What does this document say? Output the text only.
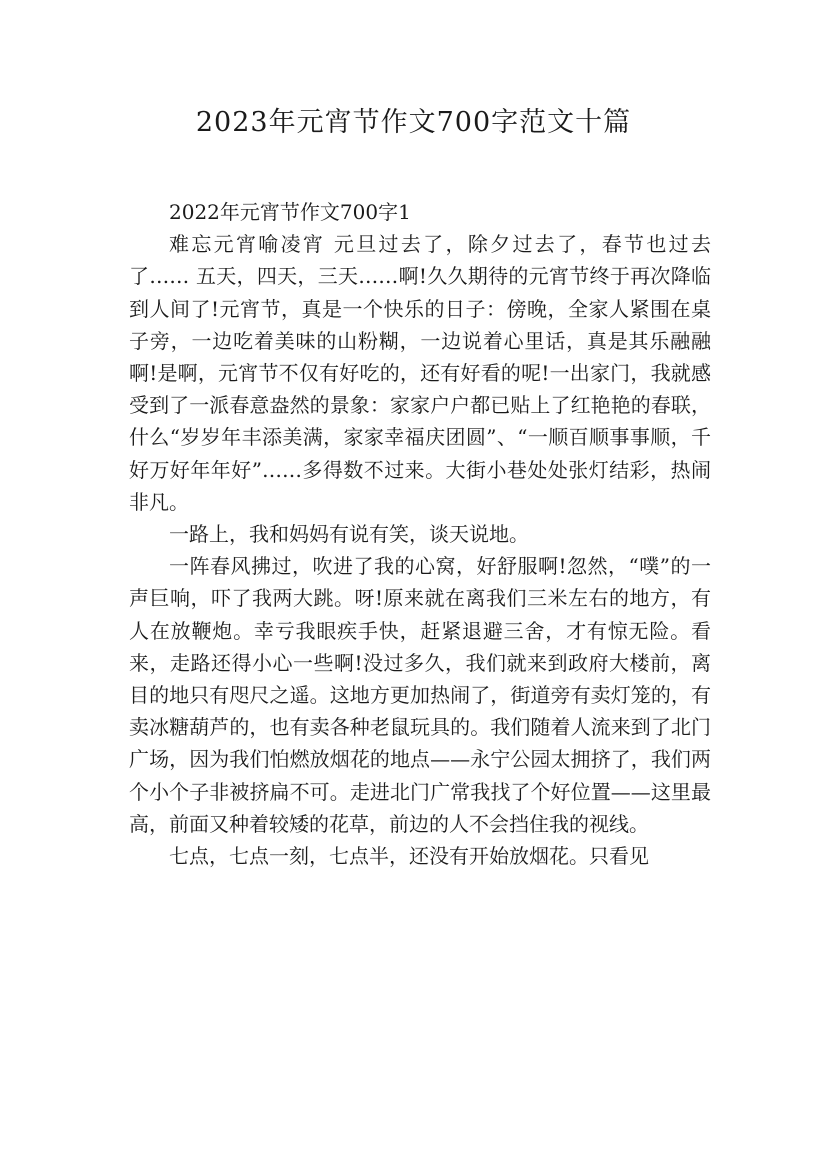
2023年元宵节作文700字范文十篇

2022年元宵节作文700字1

难忘元宵喻凌宵 元旦过去了，除夕过去了，春节也过去了…… 五天，四天，三天……啊!久久期待的元宵节终于再次降临到人间了!元宵节，真是一个快乐的日子：傍晚，全家人紧围在桌子旁，一边吃着美味的山粉糊，一边说着心里话，真是其乐融融啊!是啊，元宵节不仅有好吃的，还有好看的呢!一出家门，我就感受到了一派春意盎然的景象：家家户户都已贴上了红艳艳的春联，什么“岁岁年丰添美满，家家幸福庆团圆”、“一顺百顺事事顺，千好万好年年好”……多得数不过来。大街小巷处处张灯结彩，热闹非凡。

一路上，我和妈妈有说有笑，谈天说地。

一阵春风拂过，吹进了我的心窝，好舒服啊!忽然，“噗”的一声巨响，吓了我两大跳。呀!原来就在离我们三米左右的地方，有人在放鞭炮。幸亏我眼疾手快，赶紧退避三舍，才有惊无险。看来，走路还得小心一些啊!没过多久，我们就来到政府大楼前，离目的地只有咫尺之遥。这地方更加热闹了，街道旁有卖灯笼的，有卖冰糖葫芦的，也有卖各种老鼠玩具的。我们随着人流来到了北门广场，因为我们怕燃放烟花的地点——永宁公园太拥挤了，我们两个小个子非被挤扁不可。走进北门广常我找了个好位置——这里最高，前面又种着较矮的花草，前边的人不会挡住我的视线。

七点，七点一刻，七点半，还没有开始放烟花。只看见
